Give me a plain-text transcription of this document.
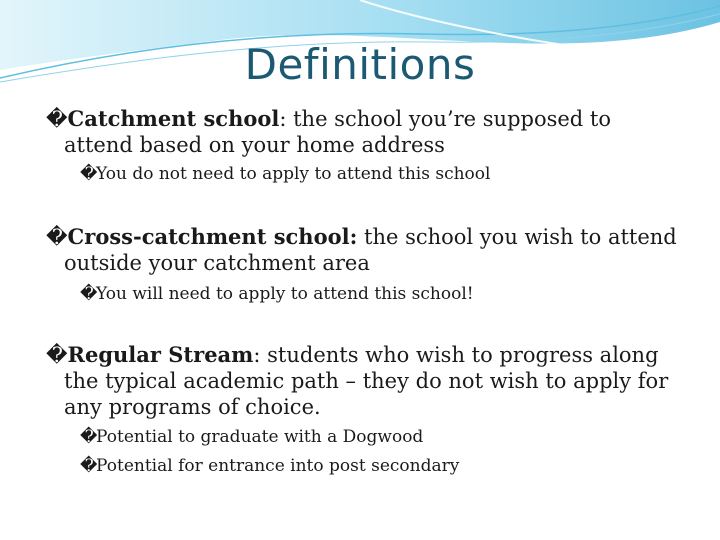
Definitions
�Catchment school: the school you’re supposed to attend based on your home address
�You do not need to apply to attend this school
�Cross-catchment school: the school you wish to attend outside your catchment area
�You will need to apply to attend this school!
�Regular Stream: students who wish to progress along the typical academic path – they do not wish to apply for any programs of choice.
�Potential to graduate with a Dogwood
�Potential for entrance into post secondary
